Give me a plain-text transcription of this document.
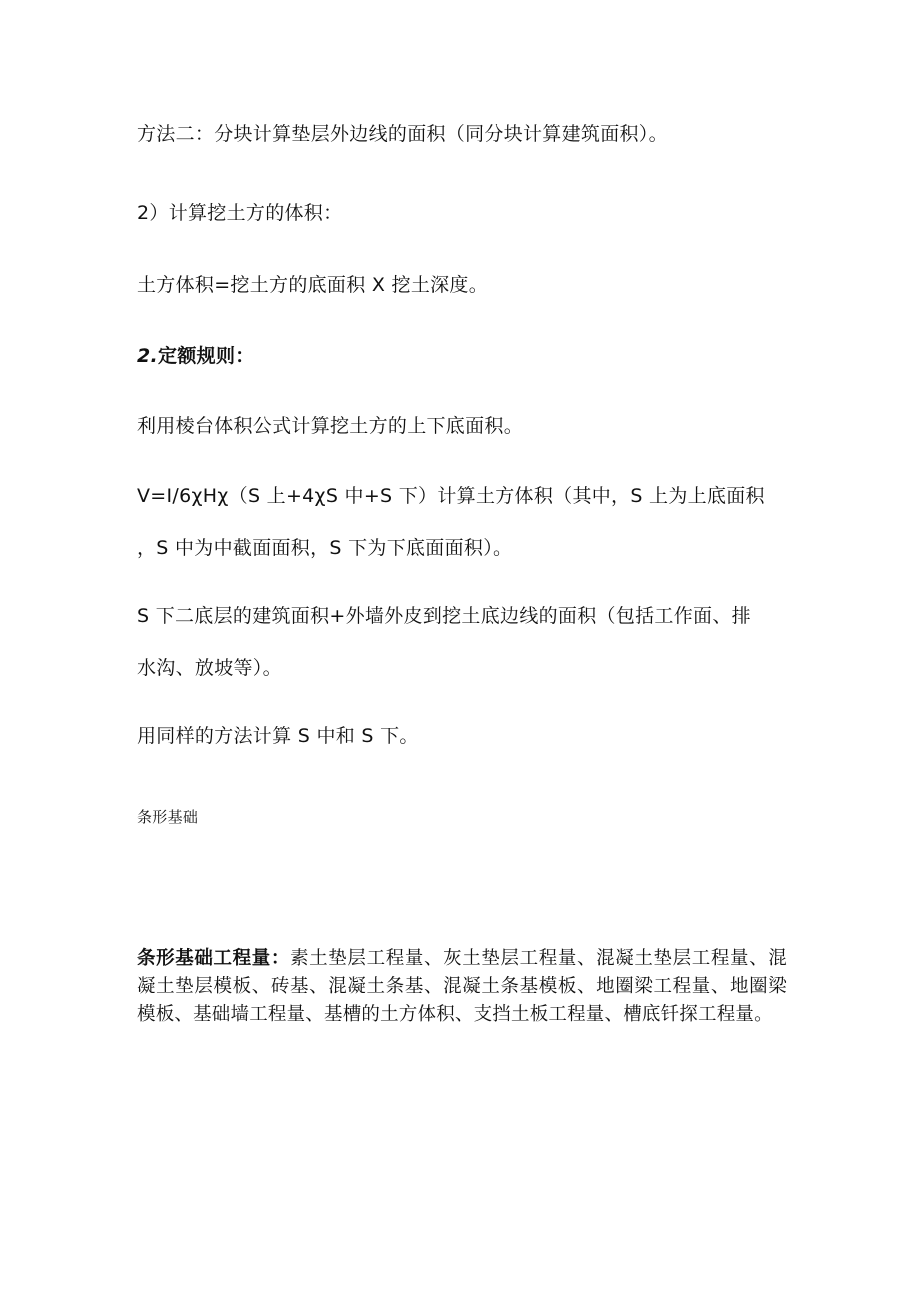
方法二：分块计算垫层外边线的面积（同分块计算建筑面积）。

2）计算挖土方的体积：

土方体积=挖土方的底面积 X 挖土深度。

2.定额规则：

利用棱台体积公式计算挖土方的上下底面积。

V=I∕6χHχ（S 上+4χS 中+S 下）计算土方体积（其中，S 上为上底面积

，S 中为中截面面积，S 下为下底面面积）。

S 下二底层的建筑面积+外墙外皮到挖土底边线的面积（包括工作面、排

水沟、放坡等）。

用同样的方法计算 S 中和 S 下。

条形基础

条形基础工程量：素土垫层工程量、灰土垫层工程量、混凝土垫层工程量、混凝土垫层模板、砖基、混凝土条基、混凝土条基模板、地圈梁工程量、地圈梁模板、基础墙工程量、基槽的土方体积、支挡土板工程量、槽底钎探工程量。
